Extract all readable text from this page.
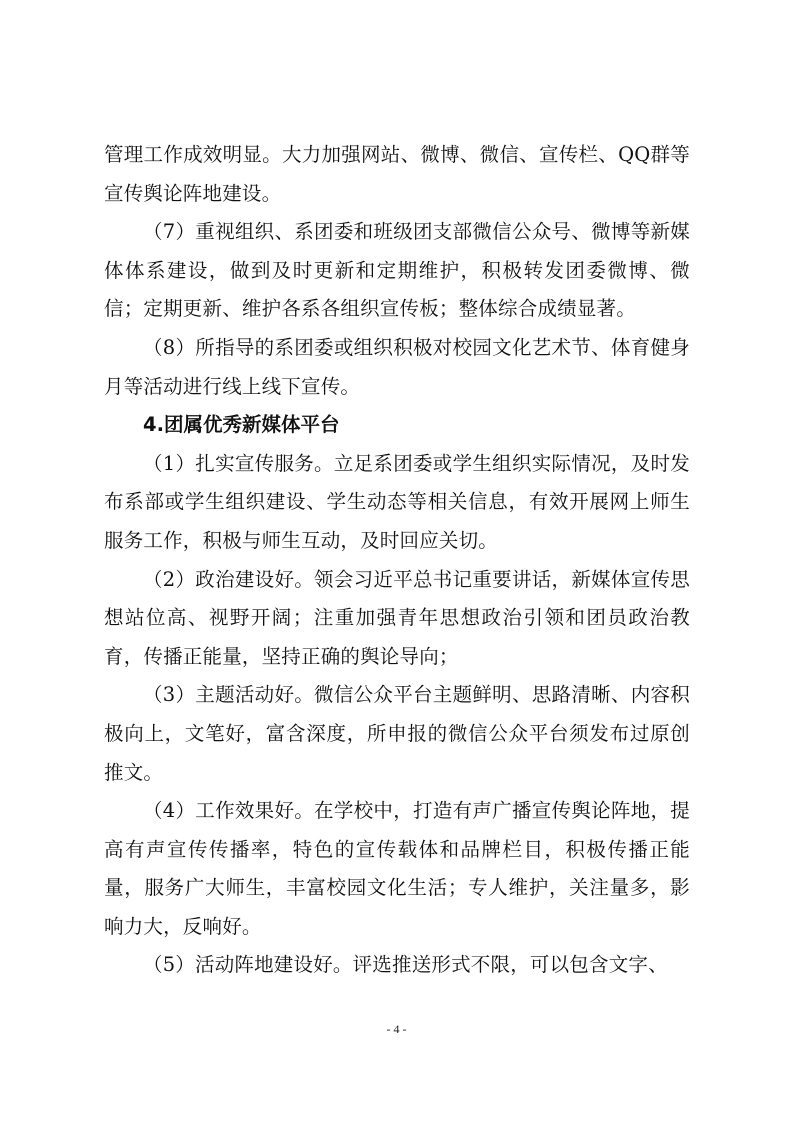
管理工作成效明显。大力加强网站、微博、微信、宣传栏、QQ群等宣传舆论阵地建设。

（7）重视组织、系团委和班级团支部微信公众号、微博等新媒体体系建设，做到及时更新和定期维护，积极转发团委微博、微信；定期更新、维护各系各组织宣传板；整体综合成绩显著。

（8）所指导的系团委或组织积极对校园文化艺术节、体育健身月等活动进行线上线下宣传。

4.团属优秀新媒体平台

（1）扎实宣传服务。立足系团委或学生组织实际情况，及时发布系部或学生组织建设、学生动态等相关信息，有效开展网上师生服务工作，积极与师生互动，及时回应关切。

（2）政治建设好。领会习近平总书记重要讲话，新媒体宣传思想站位高、视野开阔；注重加强青年思想政治引领和团员政治教育，传播正能量，坚持正确的舆论导向；

（3）主题活动好。微信公众平台主题鲜明、思路清晰、内容积极向上，文笔好，富含深度，所申报的微信公众平台须发布过原创推文。

（4）工作效果好。在学校中，打造有声广播宣传舆论阵地，提高有声宣传传播率，特色的宣传载体和品牌栏目，积极传播正能量，服务广大师生，丰富校园文化生活；专人维护，关注量多，影响力大，反响好。

（5）活动阵地建设好。评选推送形式不限，可以包含文字、

- 4 -
